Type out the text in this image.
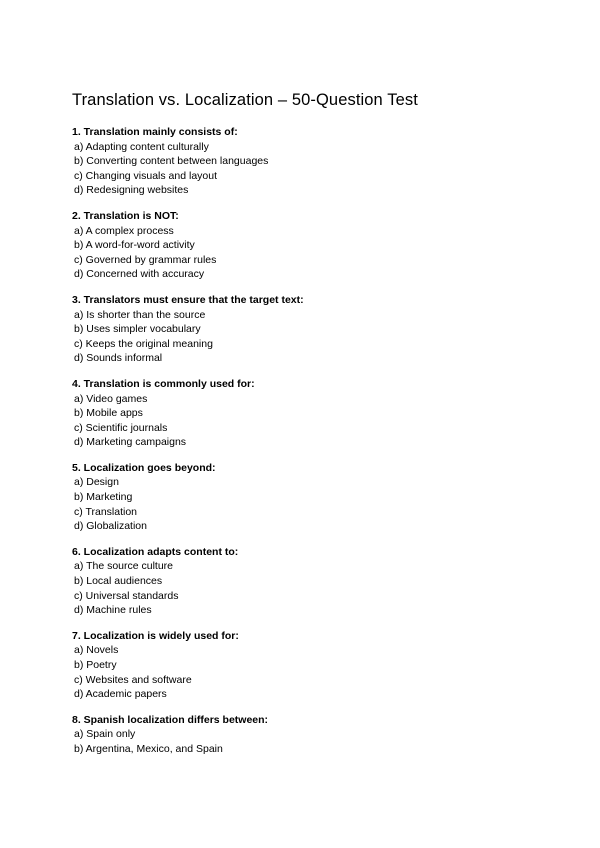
Translation vs. Localization – 50-Question Test

1. Translation mainly consists of:

a) Adapting content culturally
b) Converting content between languages
c) Changing visuals and layout
d) Redesigning websites

2. Translation is NOT:

a) A complex process
b) A word-for-word activity
c) Governed by grammar rules
d) Concerned with accuracy

3. Translators must ensure that the target text:

a) Is shorter than the source
b) Uses simpler vocabulary
c) Keeps the original meaning
d) Sounds informal

4. Translation is commonly used for:

a) Video games
b) Mobile apps
c) Scientific journals
d) Marketing campaigns

5. Localization goes beyond:

a) Design
b) Marketing
c) Translation
d) Globalization

6. Localization adapts content to:

a) The source culture
b) Local audiences
c) Universal standards
d) Machine rules

7. Localization is widely used for:

a) Novels
b) Poetry
c) Websites and software
d) Academic papers

8. Spanish localization differs between:

a) Spain only
b) Argentina, Mexico, and Spain
